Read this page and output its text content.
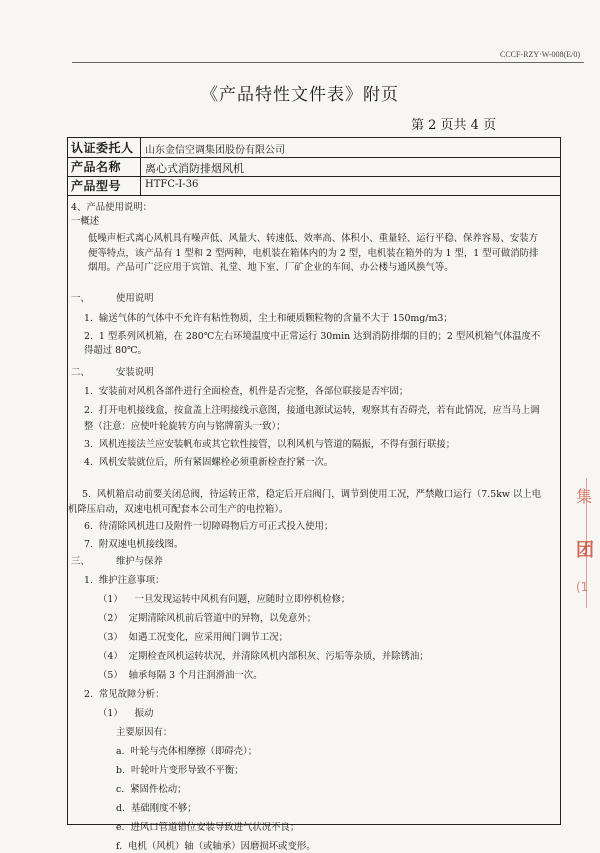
CCCF-RZY·W-008(E/0)
《产品特性文件表》附页
第 2 页共 4 页
认证委托人 山东金信空调集团股份有限公司
产品名称 离心式消防排烟风机
产品型号 HTFC-I-36
4、产品使用说明：
一概述
低噪声柜式离心风机具有噪声低、风量大、转速低、效率高、体积小、重量轻、运行平稳、保养容易、安装方便等特点，该产品有 1 型和 2 型两种，电机装在箱体内的为 2 型，电机装在箱外的为 1 型，1 型可做消防排烟用。产品可广泛应用于宾馆、礼堂、地下室、厂矿企业的车间、办公楼与通风换气等。
一、	使用说明
1.  输送气体的气体中不允许有粘性物质，尘土和硬质颗粒物的含量不大于 150mg/m3；
2.  1 型系列风机箱，在 280℃左右环境温度中正常运行 30min 达到消防排烟的目的；2 型风机箱气体温度不得超过 80℃。
二、	安装说明
1.  安装前对风机各部件进行全面检查，机件是否完整，各部位联接是否牢固；
2.  打开电机接线盒，按盒盖上注明接线示意图，接通电源试运转，观察其有否碍壳，若有此情况，应当马上调整（注意：应使叶轮旋转方向与铭牌箭头一致）；
3.  风机连接法兰应安装帆布或其它软性接管，以利风机与管道的隔振，不得有强行联接；
4.  风机安装就位后，所有紧固螺栓必须重新检查拧紧一次。
5.  风机箱启动前要关闭总阀，待运转正常，稳定后开启阀门，调节到使用工况，严禁敞口运行（7.5kw 以上电机降压启动，双速电机可配套本公司生产的电控箱）。
6.  待清除风机进口及附件一切障碍物后方可正式投入使用；
7.  附双速电机接线图。
三、	维护与保养
1.  维护注意事项：
（1）    一旦发现运转中风机有问题，应随时立即停机检修；
（2）  定期清除风机前后管道中的异物，以免意外；
（3）  如遇工况变化，应采用阀门调节工况；
（4）  定期检查风机运转状况，并清除风机内部积灰、污垢等杂质，并除锈油；
（5）  轴承每隔 3 个月注润滑油一次。
2.  常见故障分析：
（1）    振动
主要原因有：
a.  叶轮与壳体相摩擦（即碍壳）；
b.  叶轮叶片变形导致不平衡；
c.  紧固件松动；
d.  基础刚度不够；
e.  进风口管道错位安装导致进气状况不良；
f.  电机（风机）轴（或轴承）因磨损坏或变形。
集
团
(1
